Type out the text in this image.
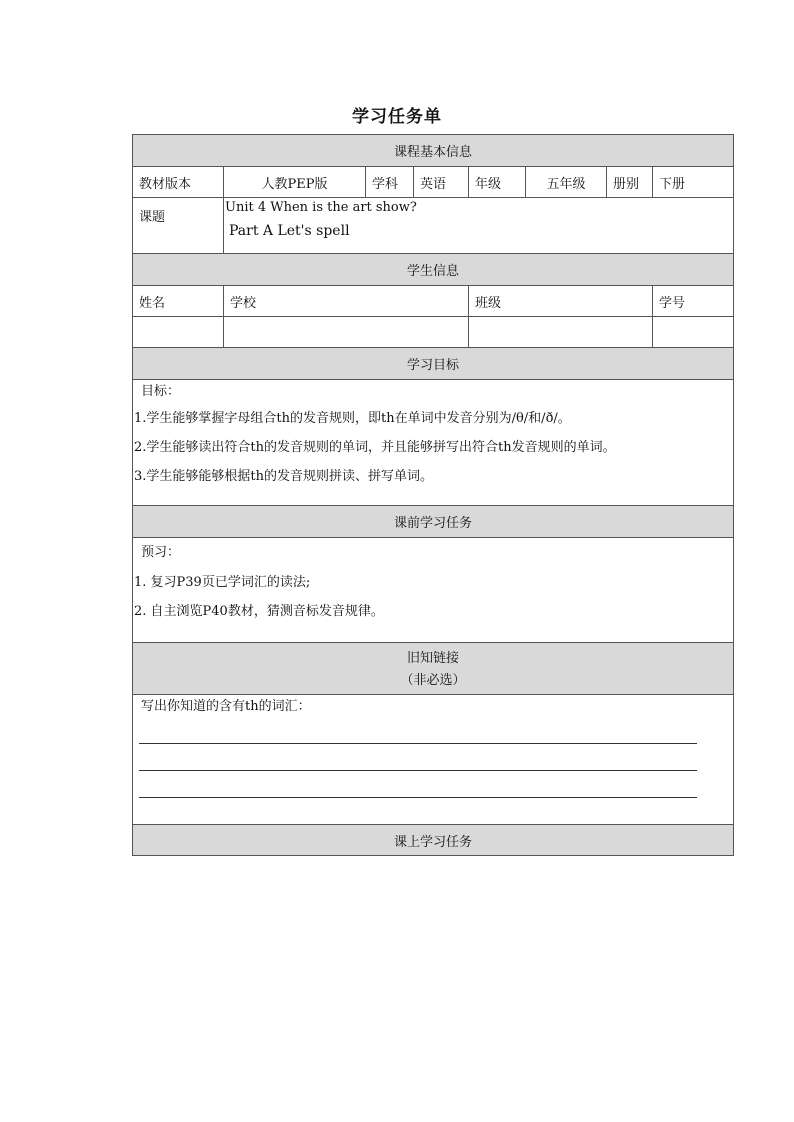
学习任务单
课程基本信息							
教材版本	人教PEP版	学科	英语	年级	五年级	册别	下册
课题	Unit 4 When is the art show?
Part A Let's spell						

学生信息							
姓名	学校			班级			学号

学习目标							

目标：
1.学生能够掌握字母组合th的发音规则，即th在单词中发音分别为/θ/和/ð/。
2.学生能够读出符合th的发音规则的单词，并且能够拼写出符合th发音规则的单词。
3.学生能够能够根据th的发音规则拼读、拼写单词。							

课前学习任务							

预习：
1. 复习P39页已学词汇的读法;
2. 自主浏览P40教材，猜测音标发音规律。							

旧知链接
（非必选）							

写出你知道的含有th的词汇：							

课上学习任务							
